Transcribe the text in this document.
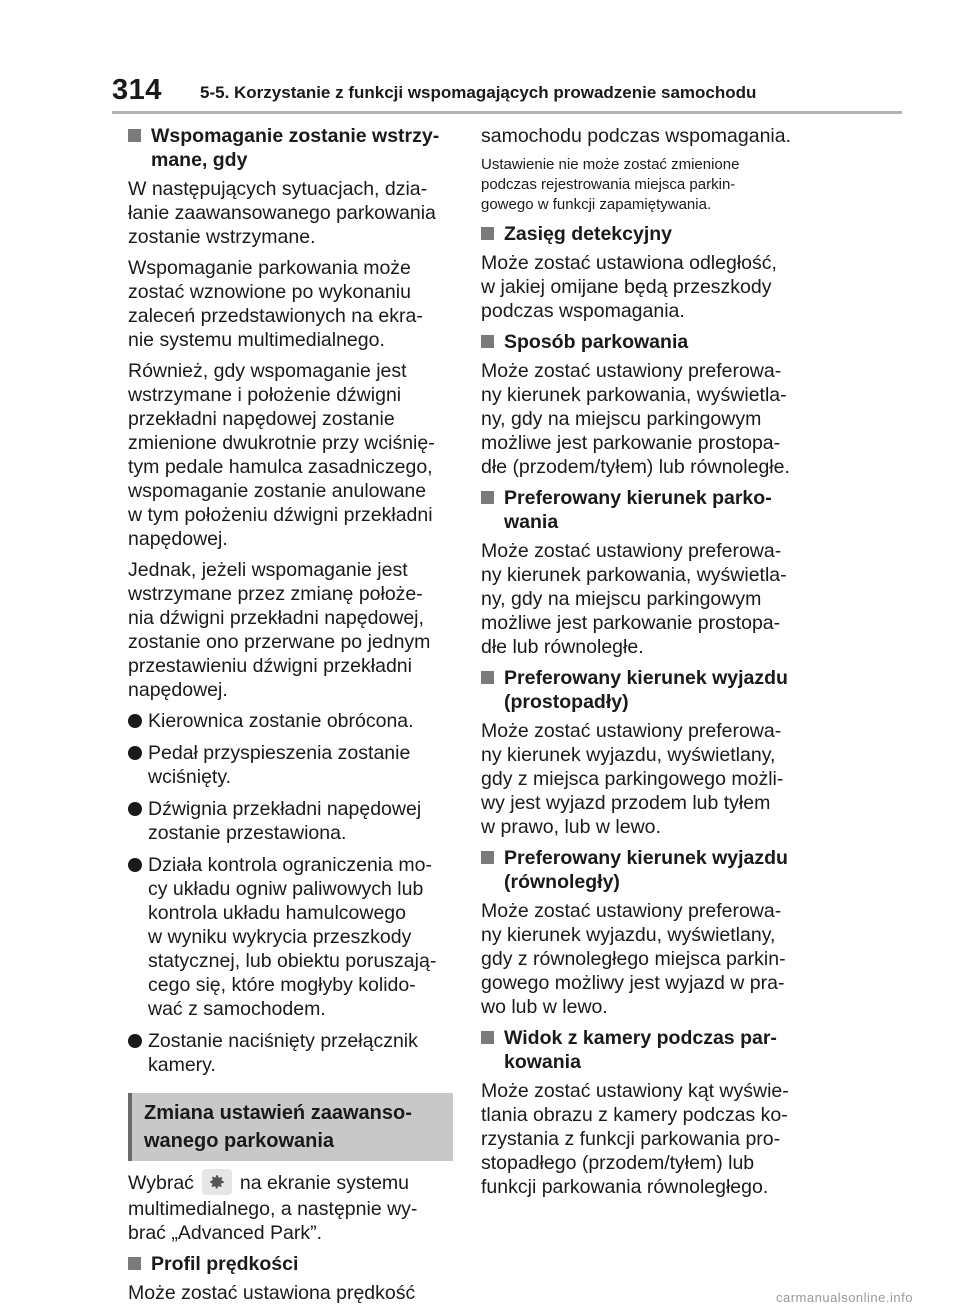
314 5-5. Korzystanie z funkcji wspomagających prowadzenie samochodu
Wspomaganie zostanie wstrzy-
mane, gdy

W następujących sytuacjach, dzia-
łanie zaawansowanego parkowania
zostanie wstrzymane.

Wspomaganie parkowania może
zostać wznowione po wykonaniu
zaleceń przedstawionych na ekra-
nie systemu multimedialnego.

Również, gdy wspomaganie jest
wstrzymane i położenie dźwigni
przekładni napędowej zostanie
zmienione dwukrotnie przy wciśnię-
tym pedale hamulca zasadniczego,
wspomaganie zostanie anulowane
w tym położeniu dźwigni przekładni
napędowej.

Jednak, jeżeli wspomaganie jest
wstrzymane przez zmianę położe-
nia dźwigni przekładni napędowej,
zostanie ono przerwane po jednym
przestawieniu dźwigni przekładni
napędowej.

Kierownica zostanie obrócona.
Pedał przyspieszenia zostanie
wciśnięty.
Dźwignia przekładni napędowej
zostanie przestawiona.
Działa kontrola ograniczenia mo-
cy układu ogniw paliwowych lub
kontrola układu hamulcowego
w wyniku wykrycia przeszkody
statycznej, lub obiektu poruszają-
cego się, które mogłyby kolido-
wać z samochodem.
Zostanie naciśnięty przełącznik
kamery.
Zmiana ustawień zaawanso-
wanego parkowania

Wybrać na ekranie systemu
multimedialnego, a następnie wy-
brać „Advanced Park”.

Profil prędkości

Może zostać ustawiona prędkość

samochodu podczas wspomagania.

Ustawienie nie może zostać zmienione
podczas rejestrowania miejsca parkin-
gowego w funkcji zapamiętywania.

Zasięg detekcyjny

Może zostać ustawiona odległość,
w jakiej omijane będą przeszkody
podczas wspomagania.

Sposób parkowania

Może zostać ustawiony preferowa-
ny kierunek parkowania, wyświetla-
ny, gdy na miejscu parkingowym
możliwe jest parkowanie prostopa-
dłe (przodem/tyłem) lub równoległe.

Preferowany kierunek parko-
wania

Może zostać ustawiony preferowa-
ny kierunek parkowania, wyświetla-
ny, gdy na miejscu parkingowym
możliwe jest parkowanie prostopa-
dłe lub równoległe.

Preferowany kierunek wyjazdu
(prostopadły)

Może zostać ustawiony preferowa-
ny kierunek wyjazdu, wyświetlany,
gdy z miejsca parkingowego możli-
wy jest wyjazd przodem lub tyłem
w prawo, lub w lewo.

Preferowany kierunek wyjazdu
(równoległy)

Może zostać ustawiony preferowa-
ny kierunek wyjazdu, wyświetlany,
gdy z równoległego miejsca parkin-
gowego możliwy jest wyjazd w pra-
wo lub w lewo.

Widok z kamery podczas par-
kowania

Może zostać ustawiony kąt wyświe-
tlania obrazu z kamery podczas ko-
rzystania z funkcji parkowania pro-
stopadłego (przodem/tyłem) lub
funkcji parkowania równoległego.

carmanualsonline.info
